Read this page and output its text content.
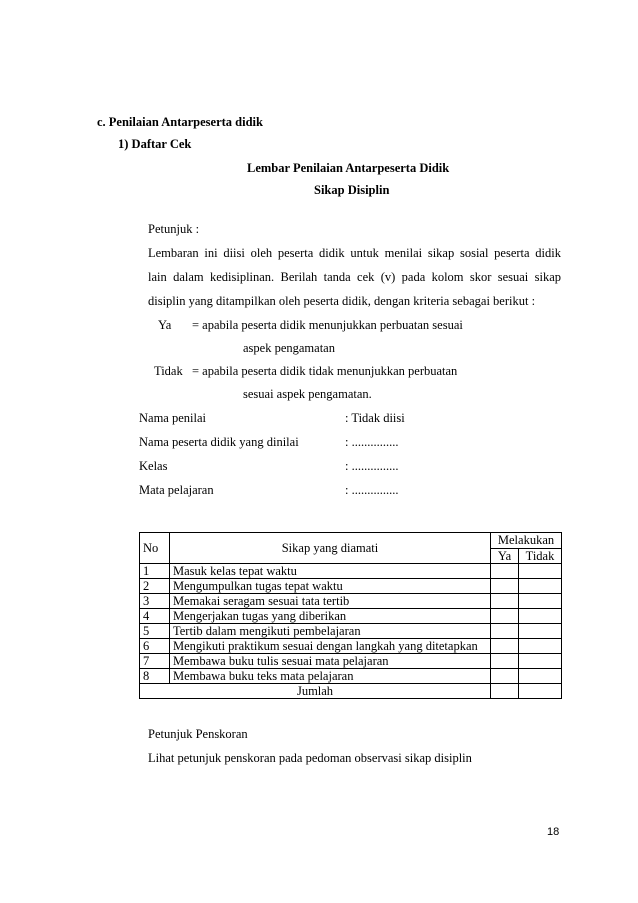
c. Penilaian Antarpeserta didik
1) Daftar Cek
Lembar Penilaian Antarpeserta Didik
Sikap Disiplin
Petunjuk :
Lembaran ini diisi oleh peserta didik untuk menilai sikap sosial peserta didik
lain dalam kedisiplinan. Berilah tanda cek (v) pada kolom skor sesuai sikap
disiplin yang ditampilkan oleh peserta didik, dengan kriteria sebagai berikut :
Ya = apabila peserta didik menunjukkan perbuatan sesuai
aspek pengamatan
Tidak = apabila peserta didik tidak menunjukkan perbuatan
sesuai aspek pengamatan.
Nama penilai	: Tidak diisi
Nama peserta didik yang dinilai	: ...............
Kelas	: ...............
Mata pelajaran	: ...............
No	Sikap yang diamati	Melakukan	
		Ya	Tidak
1	Masuk kelas tepat waktu		
2	Mengumpulkan tugas tepat waktu		
3	Memakai seragam sesuai tata tertib		
4	Mengerjakan tugas yang diberikan		
5	Tertib dalam mengikuti pembelajaran		
6	Mengikuti praktikum sesuai dengan langkah yang ditetapkan		
7	Membawa buku tulis sesuai mata pelajaran		
8	Membawa buku teks mata pelajaran		
Jumlah			
Petunjuk Penskoran
Lihat petunjuk penskoran pada pedoman observasi sikap disiplin
18
